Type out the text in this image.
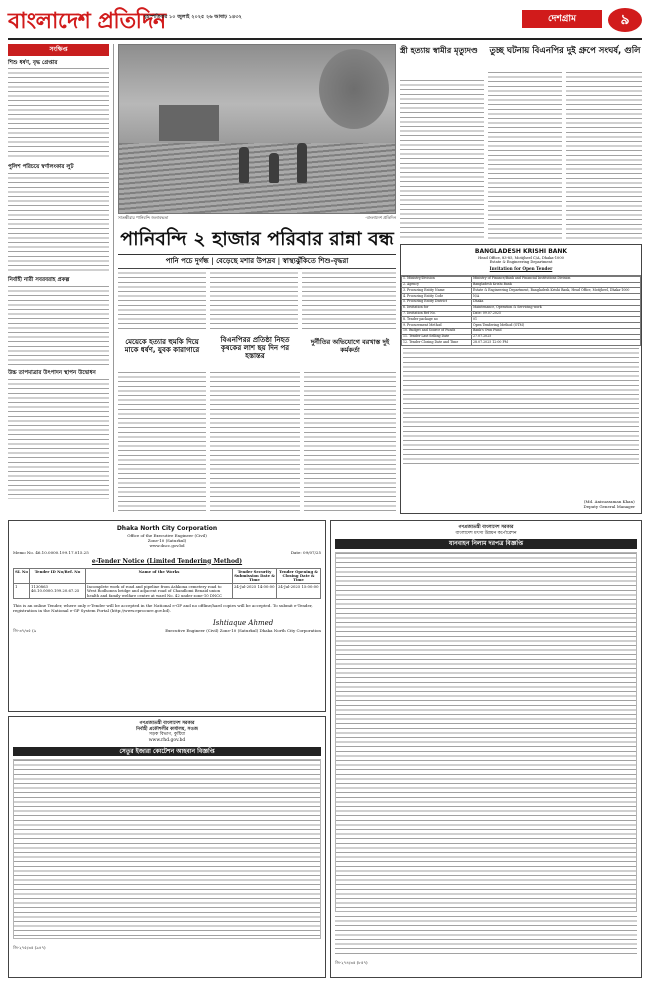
বাংলাদেশ প্রতিদিন
বৃহস্পতিবার ১০ জুলাই ২০২৫ ২৬ আষাঢ় ১৪৩২	দেশগ্রাম	৯
সংক্ষিপ্ত
শিশু ধর্ষণ, বৃদ্ধ গ্রেপ্তার
পুলিশ পরিচয়ে স্বর্ণালংকার লুট
নির্বাহী নারী সবরবরাহ প্রকল্প
উচ্চ তাপমাত্রার উৎপাদন স্থাপন উদ্বোধন
সাতক্ষীরার পানিবন্দি জলাবদ্ধতা	-বাংলাদেশ প্রতিদিন
পানিবন্দি ২ হাজার পরিবার রান্না বন্ধ
পানি পচে দুর্গন্ধ | বেড়েছে মশার উপদ্রব | স্বাস্থ্যঝুঁকিতে শিশু-বৃদ্ধরা
মেয়েকে হত্যার হুমকি দিয়ে মাকে ধর্ষণ, যুবক কারাগারে
বিএনপিরর প্রতিষ্ঠা নিহত কৃষকের লাশ ছয় দিন পর হস্তান্তর
দুর্নীতির অভিযোগে বরখাস্ত দুই কর্মকর্তা
স্ত্রী হত্যায় স্বামীর মৃত্যুদণ্ড তুচ্ছ ঘটনায় বিএনপির দুই গ্রুপে সংঘর্ষ, গুলি
BANGLADESH KRISHI BANK
Head Office, 83-85, Motijheel C/A, Dhaka-1000
Estate & Engineering Department
Invitation for Open Tender
1. Ministry/Division	Ministry of Finance/Bank and Financial Institutions Division
2. Agency	Bangladesh Krishi Bank
3. Procuring Entity Name	Estate & Engineering Department, Bangladesh Krishi Bank, Head Office, Motijheel, Dhaka-1000
4. Procuring Entity Code	N/A
5. Procuring Entity District	Dhaka
6. Invitation for	Maintenance, Operation & Servicing work
7. Invitation Ref No.	Date: 09.07.2025
8. Tender package no	01
9. Procurement Method	Open Tendering Method (OTM)
10. Budget and Source of Funds	Bank's Own Fund
11. Tender Last Selling Date	27.07.2025
12. Tender Closing Date and Time	28.07.2025 12:00 PM
(Md. Anisuzzaman Khan)
Deputy General Manager
Dhaka North City Corporation
Office of the Executive Engineer (Civil)
Zone-10 (Saturkul)
www.dncc.gov.bd
Memo No. 46.10.0000.199.17.015.25	Date: 09/07/25
e-Tender Notice (Limited Tendering Method)
SL No	Tender ID No/Ref. No	Name of the Works	Tender Security Submission Date & Time	Tender Opening & Closing Date & Time
1	1130863 46.10.0000.199.20.67.25	Incomplete work of road and pipeline from Ashkona cemetery road to West Rodhonea bridge and adjacent road of Chandlomi Benaid union health and family welfare centre at ward No. 42 under zone-10 DNCC	24-Jul-2025 14:00:00	24-Jul-2025 15:00:00
This is an online Tender, where only e-Tender will be accepted in the National e-GP and no offline/hard copies will be accepted. To submit e-Tender, registration in the National e-GP System Portal (http://www.eprocure.gov.bd).
জি-৩৭/৩৫ (৯
Ishtiaque Ahmed
Executive Engineer (Civil) Zone-10 (Saturkul) Dhaka North City Corporation
গণপ্রজাতন্ত্রী বাংলাদেশ সরকার
নির্বাহী প্রকৌশলীর কার্যালয়, সওজ
সড়ক বিভাগ, কুষ্টিয়া
www.rhd.gov.bd
সেতুর ইজারা কোটেশন আহবান বিজ্ঞপ্তি
জি-২৭৫/৩৫ (৯৪৭)
গণপ্রজাতন্ত্রী বাংলাদেশ সরকার
বাংলাদেশ মৎস্য উন্নয়ন কর্পোরেশন
যানবাহন নিলাম দরপত্র বিজ্ঞপ্তি
জি-২৭৪/৩৫ (৮৫৭)
